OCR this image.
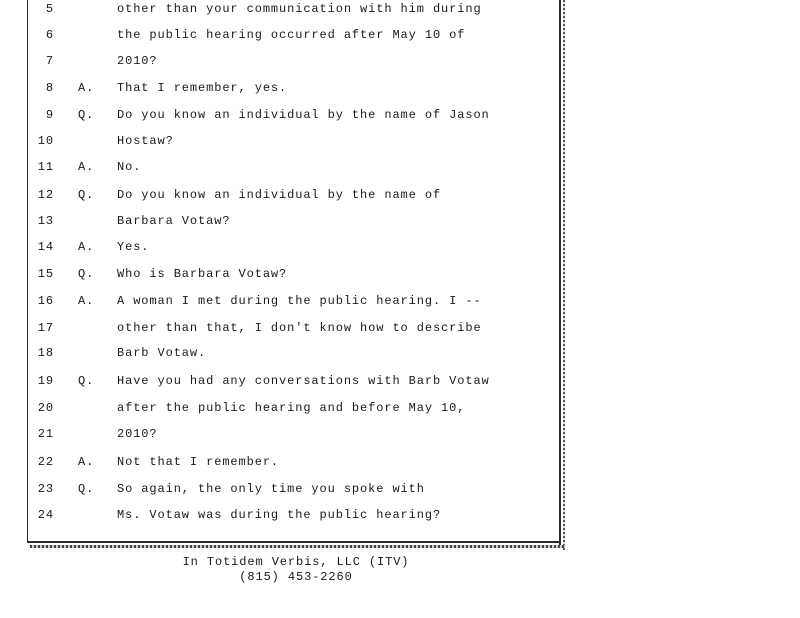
5	other than your communication with him during
6	the public hearing occurred after May 10 of
7	2010?
8 A. That I remember, yes.
9 Q. Do you know an individual by the name of Jason
10	Hostaw?
11 A. No.
12 Q. Do you know an individual by the name of
13	Barbara Votaw?
14 A. Yes.
15 Q. Who is Barbara Votaw?
16 A. A woman I met during the public hearing. I --
17	other than that, I don't know how to describe
18	Barb Votaw.
19 Q. Have you had any conversations with Barb Votaw
20	after the public hearing and before May 10,
21	2010?
22 A. Not that I remember.
23 Q. So again, the only time you spoke with
24	Ms. Votaw was during the public hearing?
In Totidem Verbis, LLC (ITV)
(815) 453-2260
